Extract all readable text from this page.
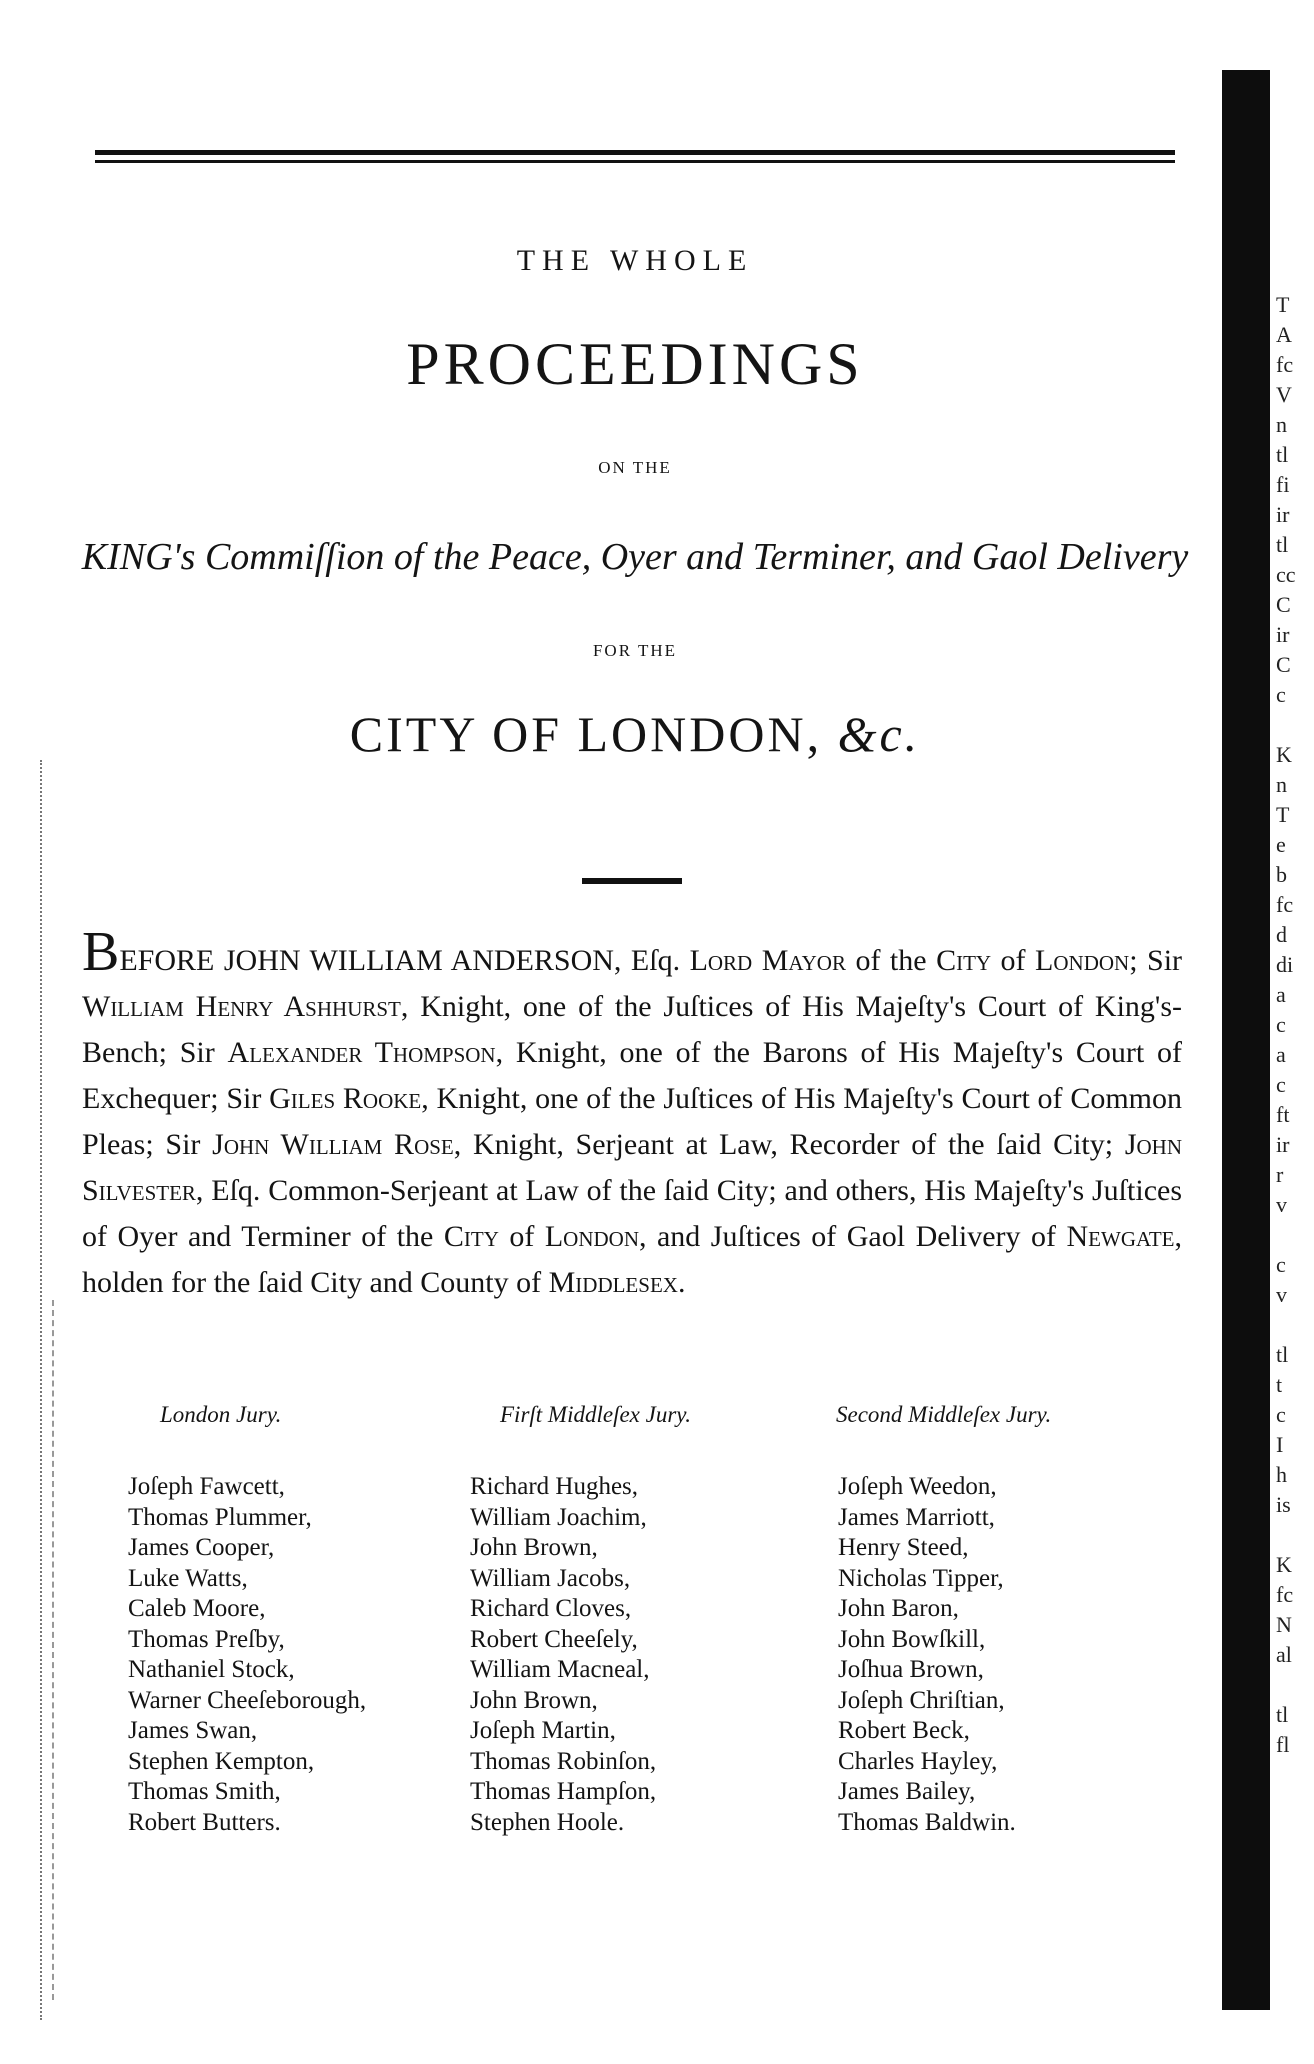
THE WHOLE
PROCEEDINGS
ON THE
KING's Commiſſion of the Peace, Oyer and Terminer, and Gaol Delivery
FOR THE
CITY OF LONDON, &c.

BEFORE JOHN WILLIAM ANDERSON, Eſq. Lord Mayor of the City of London; Sir William Henry Ashhurst, Knight, one of the Juſtices of His Majeſty's Court of King's-Bench; Sir Alexander Thompson, Knight, one of the Barons of His Majeſty's Court of Exchequer; Sir Giles Rooke, Knight, one of the Juſtices of His Majeſty's Court of Common Pleas; Sir John William Rose, Knight, Serjeant at Law, Recorder of the ſaid City; John Silvester, Eſq. Common-Serjeant at Law of the ſaid City; and others, His Majeſty's Juſtices of Oyer and Terminer of the City of London, and Juſtices of Gaol Delivery of Newgate, holden for the ſaid City and County of Middlesex.

London Jury.
Joſeph Fawcett,
Thomas Plummer,
James Cooper,
Luke Watts,
Caleb Moore,
Thomas Preſby,
Nathaniel Stock,
Warner Cheeſeborough,
James Swan,
Stephen Kempton,
Thomas Smith,
Robert Butters.
Firſt Middleſex Jury.
Richard Hughes,
William Joachim,
John Brown,
William Jacobs,
Richard Cloves,
Robert Cheeſely,
William Macneal,
John Brown,
Joſeph Martin,
Thomas Robinſon,
Thomas Hampſon,
Stephen Hoole.
Second Middleſex Jury.
Joſeph Weedon,
James Marriott,
Henry Steed,
Nicholas Tipper,
John Baron,
John Bowſkill,
Joſhua Brown,
Joſeph Chriſtian,
Robert Beck,
Charles Hayley,
James Bailey,
Thomas Baldwin.
T
A
fc
V
n
tl
fi
ir
tl
cc
C
ir
C
c

K
n
T
e
b
fc
d
di
a
c
a
c
ft
ir
r
v

c
v

tl
t
c
I
h
is

K
fc
N
al

tl
fl
